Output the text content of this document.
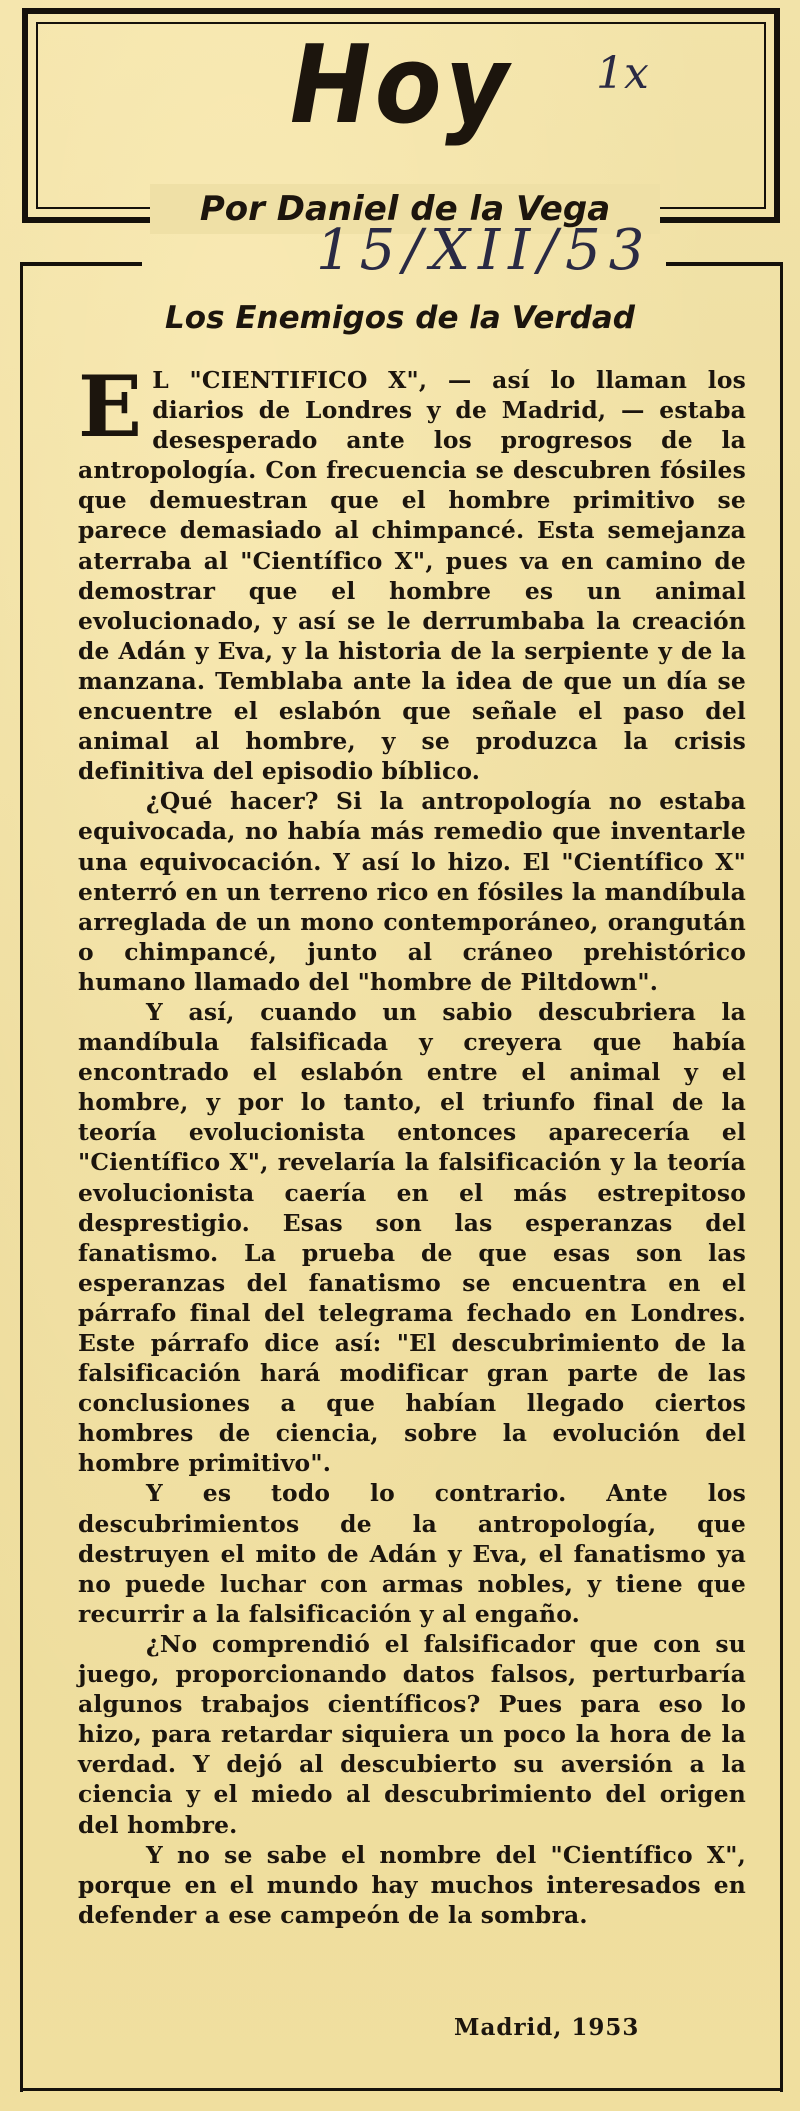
Hoy
Por Daniel de la Vega
1x
15/XII/53
Los Enemigos de la Verdad

E L "CIENTIFICO X", — así lo llaman los diarios de Londres y de Madrid, — estaba desesperado ante los progresos de la antropología. Con frecuencia se descubren fósiles que demuestran que el hombre primitivo se parece demasiado al chimpancé. Esta semejanza aterraba al "Científico X", pues va en camino de demostrar que el hombre es un animal evolucionado, y así se le derrumbaba la creación de Adán y Eva, y la historia de la serpiente y de la manzana. Temblaba ante la idea de que un día se encuentre el eslabón que señale el paso del animal al hombre, y se produzca la crisis definitiva del episodio bíblico.

¿Qué hacer? Si la antropología no estaba equivocada, no había más remedio que inventarle una equivocación. Y así lo hizo. El "Científico X" enterró en un terreno rico en fósiles la mandíbula arreglada de un mono contemporáneo, orangután o chimpancé, junto al cráneo prehistórico humano llamado del "hombre de Piltdown".

Y así, cuando un sabio descubriera la mandíbula falsificada y creyera que había encontrado el eslabón entre el animal y el hombre, y por lo tanto, el triunfo final de la teoría evolucionista entonces aparecería el "Científico X", revelaría la falsificación y la teoría evolucionista caería en el más estrepitoso desprestigio. Esas son las esperanzas del fanatismo. La prueba de que esas son las esperanzas del fanatismo se encuentra en el párrafo final del telegrama fechado en Londres. Este párrafo dice así: "El descubrimiento de la falsificación hará modificar gran parte de las conclusiones a que habían llegado ciertos hombres de ciencia, sobre la evolución del hombre primitivo".

Y es todo lo contrario. Ante los descubrimientos de la antropología, que destruyen el mito de Adán y Eva, el fanatismo ya no puede luchar con armas nobles, y tiene que recurrir a la falsificación y al engaño.

¿No comprendió el falsificador que con su juego, proporcionando datos falsos, perturbaría algunos trabajos científicos? Pues para eso lo hizo, para retardar siquiera un poco la hora de la verdad. Y dejó al descubierto su aversión a la ciencia y el miedo al descubrimiento del origen del hombre.

Y no se sabe el nombre del "Científico X", porque en el mundo hay muchos interesados en defender a ese campeón de la sombra.

Madrid, 1953
